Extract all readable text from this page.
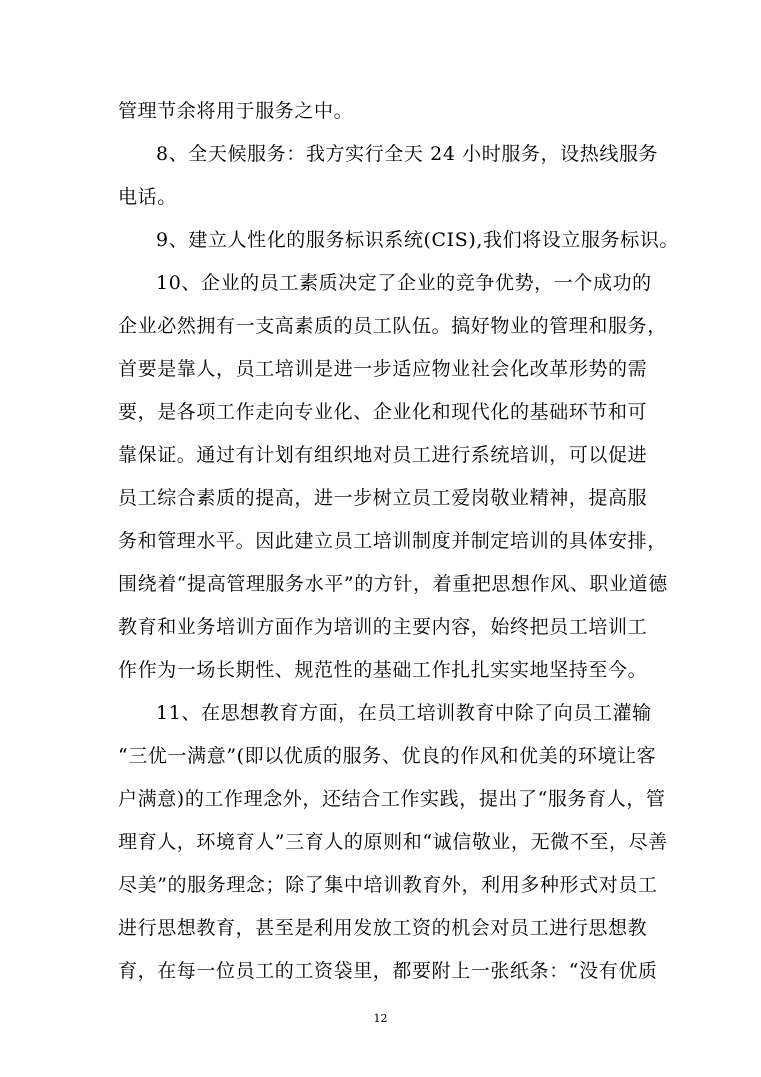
管理节余将用于服务之中。
8、全天候服务：我方实行全天 24 小时服务，设热线服务
电话。
9、建立人性化的服务标识系统(CIS),我们将设立服务标识。
10、企业的员工素质决定了企业的竞争优势，一个成功的
企业必然拥有一支高素质的员工队伍。搞好物业的管理和服务，
首要是靠人，员工培训是进一步适应物业社会化改革形势的需
要，是各项工作走向专业化、企业化和现代化的基础环节和可
靠保证。通过有计划有组织地对员工进行系统培训，可以促进
员工综合素质的提高，进一步树立员工爱岗敬业精神，提高服
务和管理水平。因此建立员工培训制度并制定培训的具体安排，
围绕着“提高管理服务水平”的方针，着重把思想作风、职业道德
教育和业务培训方面作为培训的主要内容，始终把员工培训工
作作为一场长期性、规范性的基础工作扎扎实实地坚持至今。
11、在思想教育方面，在员工培训教育中除了向员工灌输
“三优一满意”(即以优质的服务、优良的作风和优美的环境让客
户满意)的工作理念外，还结合工作实践，提出了“服务育人，管
理育人，环境育人”三育人的原则和“诚信敬业，无微不至，尽善
尽美”的服务理念；除了集中培训教育外，利用多种形式对员工
进行思想教育，甚至是利用发放工资的机会对员工进行思想教
育，在每一位员工的工资袋里，都要附上一张纸条：“没有优质
12
